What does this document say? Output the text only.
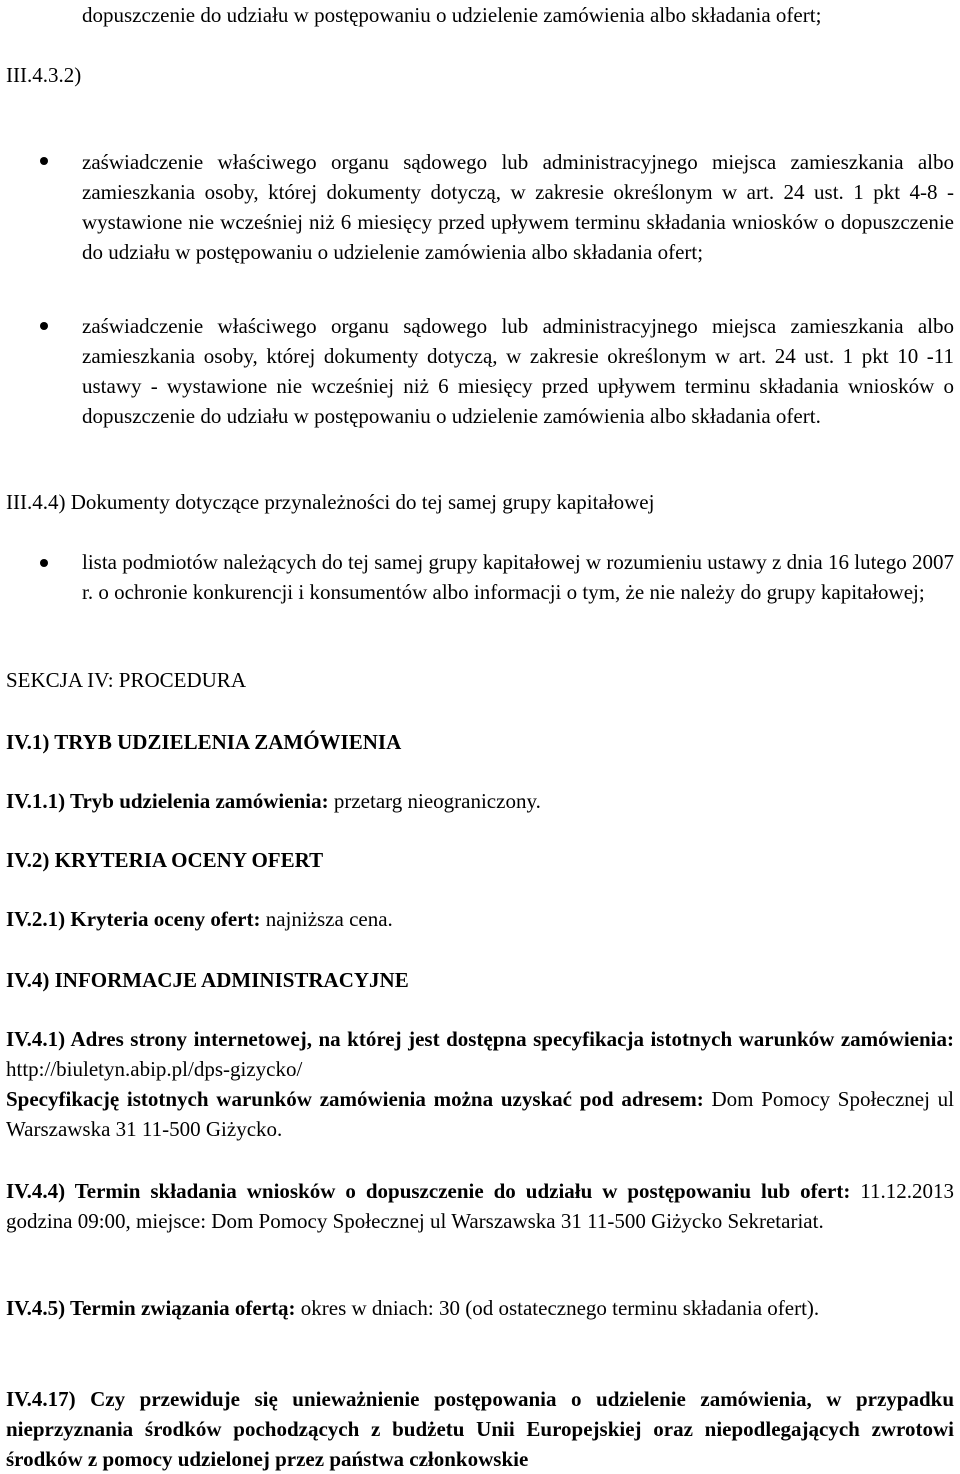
dopuszczenie do udziału w postępowaniu o udzielenie zamówienia albo składania ofert;
III.4.3.2)
zaświadczenie właściwego organu sądowego lub administracyjnego miejsca zamieszkania albo zamieszkania osoby, której dokumenty dotyczą, w zakresie określonym w art. 24 ust. 1 pkt 4-8 - wystawione nie wcześniej niż 6 miesięcy przed upływem terminu składania wniosków o dopuszczenie do udziału w postępowaniu o udzielenie zamówienia albo składania ofert;
zaświadczenie właściwego organu sądowego lub administracyjnego miejsca zamieszkania albo zamieszkania osoby, której dokumenty dotyczą, w zakresie określonym w art. 24 ust. 1 pkt 10 -11 ustawy - wystawione nie wcześniej niż 6 miesięcy przed upływem terminu składania wniosków o dopuszczenie do udziału w postępowaniu o udzielenie zamówienia albo składania ofert.
III.4.4) Dokumenty dotyczące przynależności do tej samej grupy kapitałowej
lista podmiotów należących do tej samej grupy kapitałowej w rozumieniu ustawy z dnia 16 lutego 2007 r. o ochronie konkurencji i konsumentów albo informacji o tym, że nie należy do grupy kapitałowej;
SEKCJA IV: PROCEDURA
IV.1) TRYB UDZIELENIA ZAMÓWIENIA
IV.1.1) Tryb udzielenia zamówienia: przetarg nieograniczony.
IV.2) KRYTERIA OCENY OFERT
IV.2.1) Kryteria oceny ofert: najniższa cena.
IV.4) INFORMACJE ADMINISTRACYJNE
IV.4.1) Adres strony internetowej, na której jest dostępna specyfikacja istotnych warunków zamówienia: http://biuletyn.abip.pl/dps-gizycko/
Specyfikację istotnych warunków zamówienia można uzyskać pod adresem: Dom Pomocy Społecznej ul Warszawska 31 11-500 Giżycko.
IV.4.4) Termin składania wniosków o dopuszczenie do udziału w postępowaniu lub ofert: 11.12.2013 godzina 09:00, miejsce: Dom Pomocy Społecznej ul Warszawska 31 11-500 Giżycko Sekretariat.
IV.4.5) Termin związania ofertą: okres w dniach: 30 (od ostatecznego terminu składania ofert).
IV.4.17) Czy przewiduje się unieważnienie postępowania o udzielenie zamówienia, w przypadku nieprzyznania środków pochodzących z budżetu Unii Europejskiej oraz niepodlegających zwrotowi środków z pomocy udzielonej przez państwa członkowskie
